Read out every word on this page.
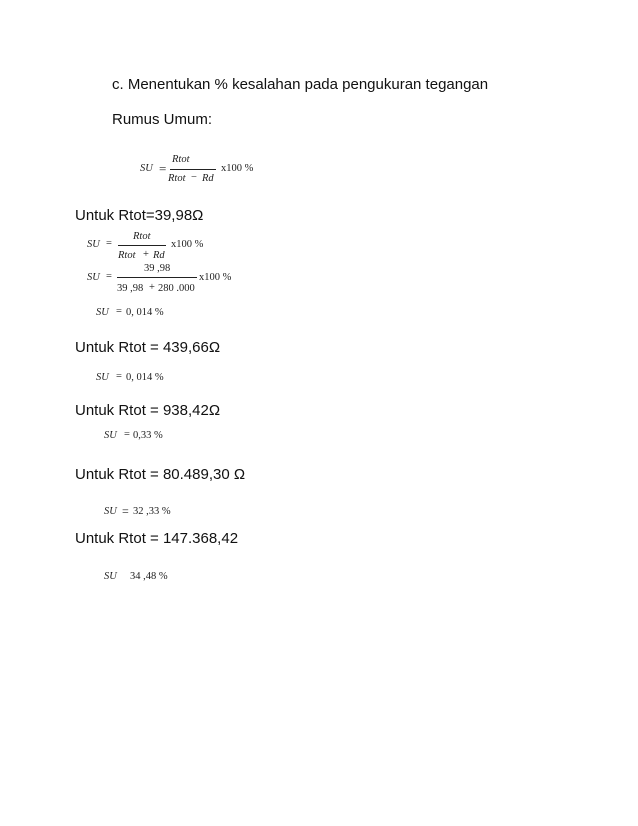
c. Menentukan % kesalahan pada pengukuran tegangan
Rumus Umum:
SU =
Rtot
Rtot − Rd
x100 %
Untuk Rtot=39,98Ω
SU =
Rtot
Rtot + Rd
x100 %
SU =
39 ,98
39 ,98 + 280 .000
x100 %
SU = 0, 014 %
Untuk Rtot = 439,66Ω
SU = 0, 014 %
Untuk Rtot = 938,42Ω
SU = 0,33 %
Untuk Rtot = 80.489,30 Ω
SU = 32 ,33 %
Untuk Rtot = 147.368,42
SU 34 ,48 %
